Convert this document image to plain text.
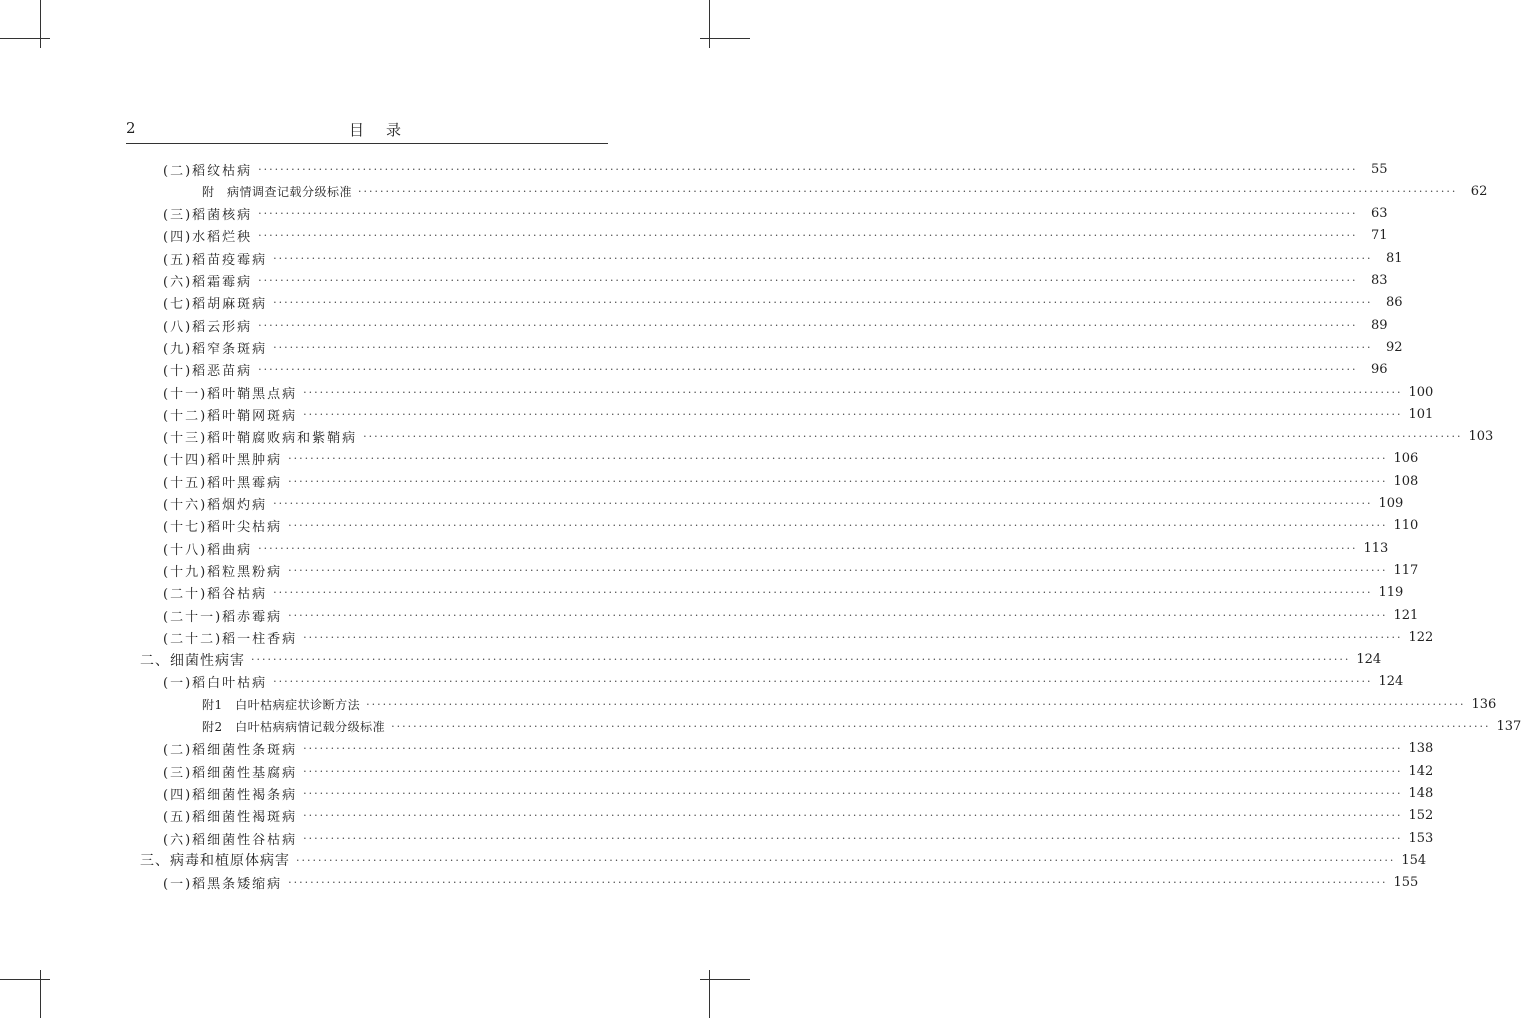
2	目录
(二)稻纹枯病 ········································································································································································································	55
附　病情调查记载分级标准 ········································································································································································································	62
(三)稻菌核病 ········································································································································································································	63
(四)水稻烂秧 ········································································································································································································	71
(五)稻苗疫霉病 ········································································································································································································	81
(六)稻霜霉病 ········································································································································································································	83
(七)稻胡麻斑病 ········································································································································································································	86
(八)稻云形病 ········································································································································································································	89
(九)稻窄条斑病 ········································································································································································································	92
(十)稻恶苗病 ········································································································································································································	96
(十一)稻叶鞘黑点病 ········································································································································································································ 100
(十二)稻叶鞘网斑病 ········································································································································································································ 101
(十三)稻叶鞘腐败病和紫鞘病 ········································································································································································································ 103
(十四)稻叶黑肿病 ········································································································································································································ 106
(十五)稻叶黑霉病 ········································································································································································································ 108
(十六)稻烟灼病 ········································································································································································································ 109
(十七)稻叶尖枯病 ········································································································································································································ 110
(十八)稻曲病 ········································································································································································································ 113
(十九)稻粒黑粉病 ········································································································································································································ 117
(二十)稻谷枯病 ········································································································································································································ 119
(二十一)稻赤霉病 ········································································································································································································ 121
(二十二)稻一柱香病 ········································································································································································································ 122
二、细菌性病害 ········································································································································································································ 124
(一)稻白叶枯病 ········································································································································································································ 124
附1　白叶枯病症状诊断方法 ········································································································································································································ 136
附2　白叶枯病病情记载分级标准 ········································································································································································································ 137
(二)稻细菌性条斑病 ········································································································································································································ 138
(三)稻细菌性基腐病 ········································································································································································································ 142
(四)稻细菌性褐条病 ········································································································································································································ 148
(五)稻细菌性褐斑病 ········································································································································································································ 152
(六)稻细菌性谷枯病 ········································································································································································································ 153
三、病毒和植原体病害 ········································································································································································································ 154
(一)稻黑条矮缩病 ········································································································································································································ 155
